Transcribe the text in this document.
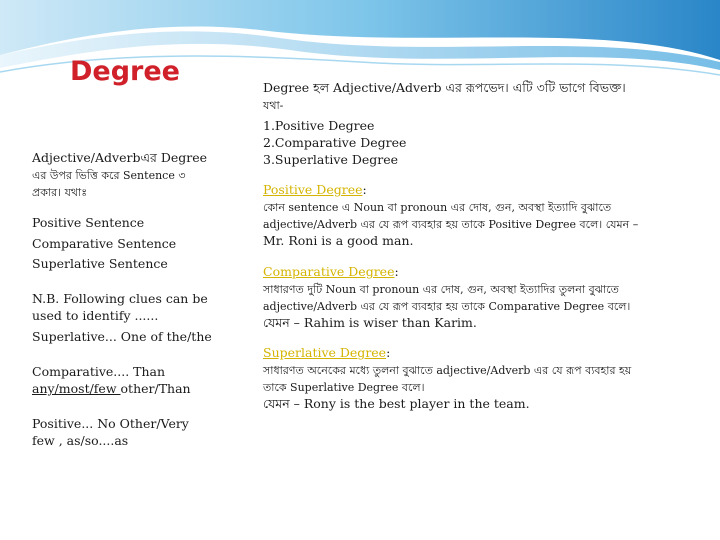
Degree

Adjective/Adverbএর Degree
এর উপর ভিত্তি করে Sentence ৩
প্রকার। যথাঃ

Positive Sentence

Comparative Sentence

Superlative Sentence

N.B. Following clues can be
used to identify ......

Superlative... One of the/the

Comparative.... Than
any/most/few other/Than

Positive... No Other/Very
few , as/so....as

Degree হল Adjective/Adverb এর রূপভেদ। এটি ৩টি ভাগে বিভক্ত।
যথা-

1.Positive Degree
2.Comparative Degree
3.Superlative Degree

Positive Degree:
কোন sentence এ Noun বা pronoun এর দোষ, গুন, অবস্থা ইত্যাদি বুঝাতে
adjective/Adverb এর যে রূপ ব্যবহার হয় তাকে Positive Degree বলে। যেমন –
Mr. Roni is a good man.

Comparative Degree:
সাধারণত দুটি Noun বা pronoun এর দোষ, গুন, অবস্থা ইত্যাদির তুলনা বুঝাতে
adjective/Adverb এর যে রূপ ব্যবহার হয় তাকে Comparative Degree বলে।
যেমন – Rahim is wiser than Karim.

Superlative Degree:
সাধারণত অনেকের মধ্যে তুলনা বুঝাতে adjective/Adverb এর যে রূপ ব্যবহার হয়
তাকে Superlative Degree বলে।
যেমন – Rony is the best player in the team.
